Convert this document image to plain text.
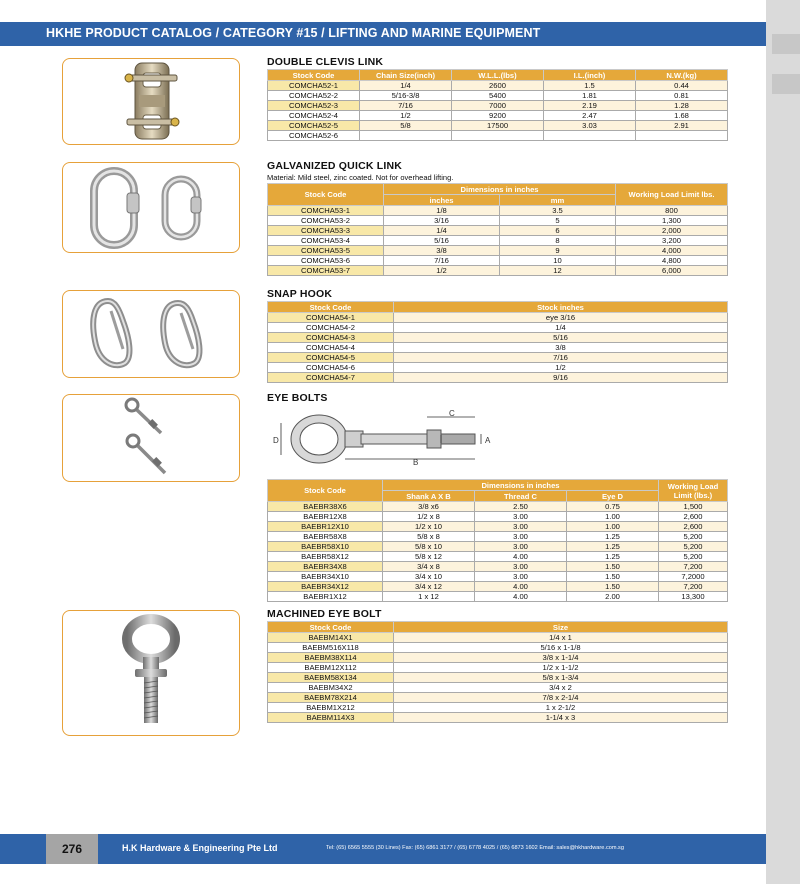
HKHE PRODUCT CATALOG / CATEGORY #15 / LIFTING AND MARINE EQUIPMENT
DOUBLE CLEVIS LINK
Stock Code	Chain Size(inch)	W.L.L.(lbs)	I.L.(inch)	N.W.(kg)
COMCHA52-1	1/4	2600	1.5	0.44
COMCHA52-2	5/16-3/8	5400	1.81	0.81
COMCHA52-3	7/16	7000	2.19	1.28
COMCHA52-4	1/2	9200	2.47	1.68
COMCHA52-5	5/8	17500	3.03	2.91
COMCHA52-6				
GALVANIZED QUICK LINK

Material: Mild steel, zinc coated. Not for overhead lifting.

Stock Code	Dimensions in inches		Working Load Limit lbs.
	inches	mm	
COMCHA53-1	1/8	3.5	800
COMCHA53-2	3/16	5	1,300
COMCHA53-3	1/4	6	2,000
COMCHA53-4	5/16	8	3,200
COMCHA53-5	3/8	9	4,000
COMCHA53-6	7/16	10	4,800
COMCHA53-7	1/2	12	6,000
SNAP HOOK
Stock Code	Stock inches
COMCHA54-1	eye 3/16
COMCHA54-2	1/4
COMCHA54-3	5/16
COMCHA54-4	3/8
COMCHA54-5	7/16
COMCHA54-6	1/2
COMCHA54-7	9/16
EYE BOLTS
C
A
B
D
Stock Code	Dimensions in inches			Working Load Limit (lbs.)
	Shank A X B	Thread C	Eye D	
BAEBR38X6	3/8 x6	2.50	0.75	1,500
BAEBR12X8	1/2 x 8	3.00	1.00	2,600
BAEBR12X10	1/2 x 10	3.00	1.00	2,600
BAEBR58X8	5/8 x 8	3.00	1.25	5,200
BAEBR58X10	5/8 x 10	3.00	1.25	5,200
BAEBR58X12	5/8 x 12	4.00	1.25	5,200
BAEBR34X8	3/4 x 8	3.00	1.50	7,200
BAEBR34X10	3/4 x 10	3.00	1.50	7,2000
BAEBR34X12	3/4 x 12	4.00	1.50	7,200
BAEBR1X12	1 x 12	4.00	2.00	13,300
MACHINED EYE BOLT
Stock Code	Size
BAEBM14X1	1/4 x 1
BAEBM516X118	5/16 x 1-1/8
BAEBM38X114	3/8 x 1-1/4
BAEBM12X112	1/2 x 1-1/2
BAEBM58X134	5/8 x 1-3/4
BAEBM34X2	3/4 x 2
BAEBM78X214	7/8 x 2-1/4
BAEBM1X212	1 x 2-1/2
BAEBM114X3	1-1/4 x 3
276	H.K Hardware & Engineering Pte Ltd	Tel: (65) 6565 5555 (30 Lines) Fax: (65) 6861 3177 / (65) 6778 4025 / (65) 6873 1602 Email: sales@hkhardware.com.sg
